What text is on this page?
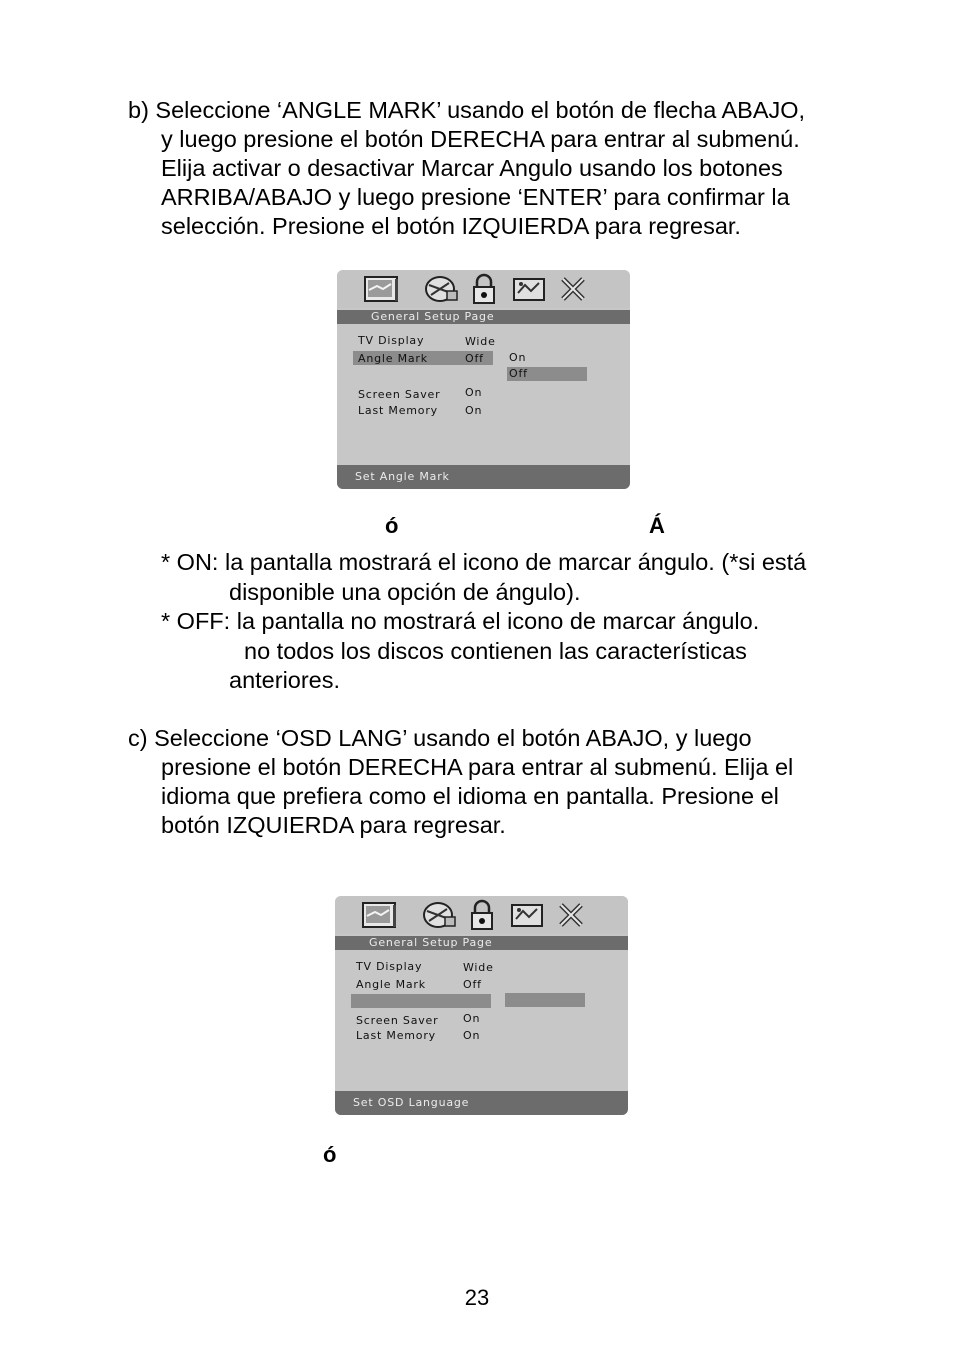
b) Seleccione ‘ANGLE MARK’ usando el botón de flecha ABAJO,
y luego presione el botón DERECHA para entrar al submenú.
Elija activar o desactivar Marcar Angulo usando los botones
ARRIBA/ABAJO y luego presione ‘ENTER’ para confirmar la
selección. Presione el botón IZQUIERDA para regresar.
General Setup Page
TV Display	Wide
Angle Mark	Off
Screen Saver On
Last Memory On
On
Off
Set Angle Mark
ó	Á
* ON: la pantalla mostrará el icono de marcar ángulo. (*si está
disponible una opción de ángulo).
* OFF: la pantalla no mostrará el icono de marcar ángulo.
no todos los discos contienen las características
anteriores.
c) Seleccione ‘OSD LANG’ usando el botón ABAJO, y luego
presione el botón DERECHA para entrar al submenú. Elija el
idioma que prefiera como el idioma en pantalla. Presione el
botón IZQUIERDA para regresar.
General Setup Page
TV Display	Wide
Angle Mark	Off
Screen Saver On
Last Memory On
Set OSD Language
ó
23
